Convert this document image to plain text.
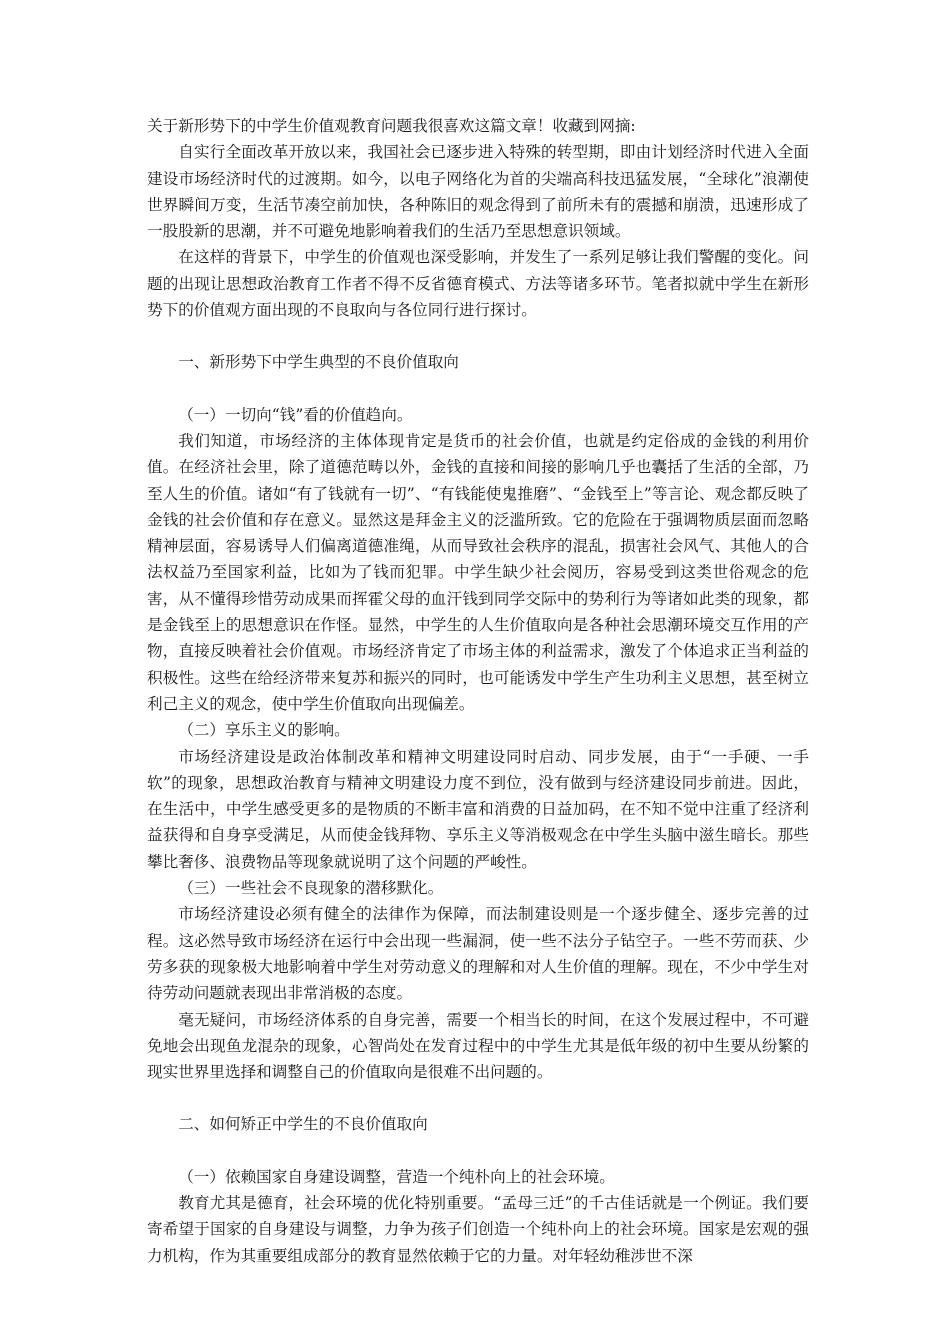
关于新形势下的中学生价值观教育问题我很喜欢这篇文章！收藏到网摘:

自实行全面改革开放以来，我国社会已逐步进入特殊的转型期，即由计划经济时代进入全面建设市场经济时代的过渡期。如今，以电子网络化为首的尖端高科技迅猛发展，“全球化”浪潮使世界瞬间万变，生活节凑空前加快，各种陈旧的观念得到了前所未有的震撼和崩溃，迅速形成了一股股新的思潮，并不可避免地影响着我们的生活乃至思想意识领域。

在这样的背景下，中学生的价值观也深受影响，并发生了一系列足够让我们警醒的变化。问题的出现让思想政治教育工作者不得不反省德育模式、方法等诸多环节。笔者拟就中学生在新形势下的价值观方面出现的不良取向与各位同行进行探讨。

一、新形势下中学生典型的不良价值取向

（一）一切向“钱”看的价值趋向。

我们知道，市场经济的主体体现肯定是货币的社会价值，也就是约定俗成的金钱的利用价值。在经济社会里，除了道德范畴以外，金钱的直接和间接的影响几乎也囊括了生活的全部，乃至人生的价值。诸如“有了钱就有一切”、“有钱能使鬼推磨”、“金钱至上”等言论、观念都反映了金钱的社会价值和存在意义。显然这是拜金主义的泛滥所致。它的危险在于强调物质层面而忽略精神层面，容易诱导人们偏离道德准绳，从而导致社会秩序的混乱，损害社会风气、其他人的合法权益乃至国家利益，比如为了钱而犯罪。中学生缺少社会阅历，容易受到这类世俗观念的危害，从不懂得珍惜劳动成果而挥霍父母的血汗钱到同学交际中的势利行为等诸如此类的现象，都是金钱至上的思想意识在作怪。显然，中学生的人生价值取向是各种社会思潮环境交互作用的产物，直接反映着社会价值观。市场经济肯定了市场主体的利益需求，激发了个体追求正当利益的积极性。这些在给经济带来复苏和振兴的同时，也可能诱发中学生产生功利主义思想，甚至树立利己主义的观念，使中学生价值取向出现偏差。

（二）享乐主义的影响。

市场经济建设是政治体制改革和精神文明建设同时启动、同步发展，由于“一手硬、一手软”的现象，思想政治教育与精神文明建设力度不到位，没有做到与经济建设同步前进。因此，在生活中，中学生感受更多的是物质的不断丰富和消费的日益加码，在不知不觉中注重了经济利益获得和自身享受满足，从而使金钱拜物、享乐主义等消极观念在中学生头脑中滋生暗长。那些攀比奢侈、浪费物品等现象就说明了这个问题的严峻性。

（三）一些社会不良现象的潜移默化。

市场经济建设必须有健全的法律作为保障，而法制建设则是一个逐步健全、逐步完善的过程。这必然导致市场经济在运行中会出现一些漏洞，使一些不法分子钻空子。一些不劳而获、少劳多获的现象极大地影响着中学生对劳动意义的理解和对人生价值的理解。现在，不少中学生对待劳动问题就表现出非常消极的态度。

毫无疑问，市场经济体系的自身完善，需要一个相当长的时间，在这个发展过程中，不可避免地会出现鱼龙混杂的现象，心智尚处在发育过程中的中学生尤其是低年级的初中生要从纷繁的现实世界里选择和调整自己的价值取向是很难不出问题的。

二、如何矫正中学生的不良价值取向

（一）依赖国家自身建设调整，营造一个纯朴向上的社会环境。

教育尤其是德育，社会环境的优化特别重要。“孟母三迁”的千古佳话就是一个例证。我们要寄希望于国家的自身建设与调整，力争为孩子们创造一个纯朴向上的社会环境。国家是宏观的强力机构，作为其重要组成部分的教育显然依赖于它的力量。对年轻幼稚涉世不深
